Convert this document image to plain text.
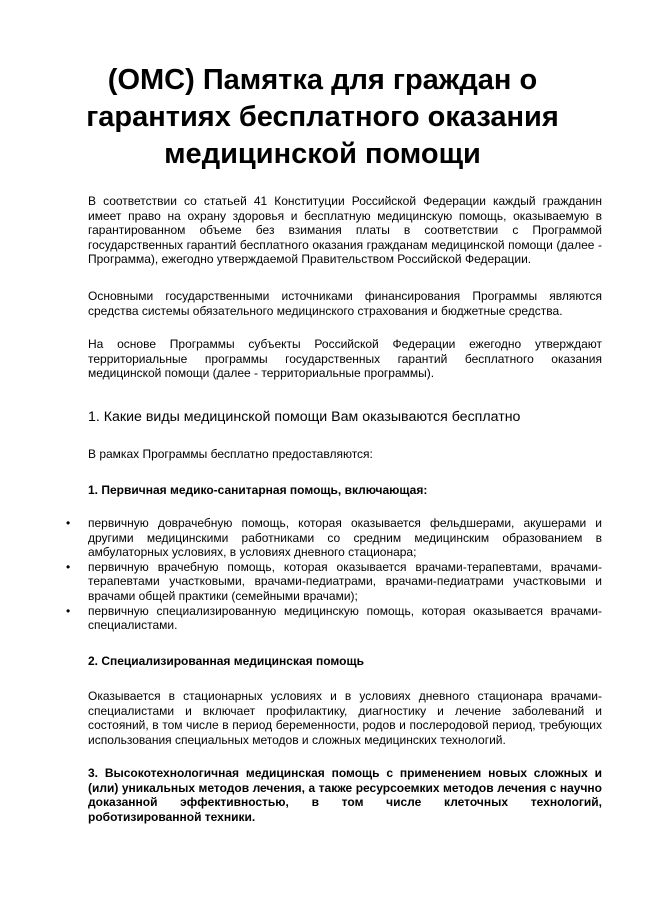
(ОМС) Памятка для граждан о гарантиях бесплатного оказания медицинской помощи

В соответствии со статьей 41 Конституции Российской Федерации каждый гражданин имеет право на охрану здоровья и бесплатную медицинскую помощь, оказываемую в гарантированном объеме без взимания платы в соответствии с Программой государственных гарантий бесплатного оказания гражданам медицинской помощи (далее - Программа), ежегодно утверждаемой Правительством Российской Федерации.

Основными государственными источниками финансирования Программы являются средства системы обязательного медицинского страхования и бюджетные средства.

На основе Программы субъекты Российской Федерации ежегодно утверждают территориальные программы государственных гарантий бесплатного оказания медицинской помощи (далее - территориальные программы).

1. Какие виды медицинской помощи Вам оказываются бесплатно

В рамках Программы бесплатно предоставляются:

1. Первичная медико-санитарная помощь, включающая:

• первичную доврачебную помощь, которая оказывается фельдшерами, акушерами и другими медицинскими работниками со средним медицинским образованием в амбулаторных условиях, в условиях дневного стационара;
• первичную врачебную помощь, которая оказывается врачами-терапевтами, врачами-терапевтами участковыми, врачами-педиатрами, врачами-педиатрами участковыми и врачами общей практики (семейными врачами);
• первичную специализированную медицинскую помощь, которая оказывается врачами-специалистами.

2. Специализированная медицинская помощь

Оказывается в стационарных условиях и в условиях дневного стационара врачами-специалистами и включает профилактику, диагностику и лечение заболеваний и состояний, в том числе в период беременности, родов и послеродовой период, требующих использования специальных методов и сложных медицинских технологий.

3. Высокотехнологичная медицинская помощь с применением новых сложных и (или) уникальных методов лечения, а также ресурсоемких методов лечения с научно доказанной эффективностью, в том числе клеточных технологий, роботизированной техники.
